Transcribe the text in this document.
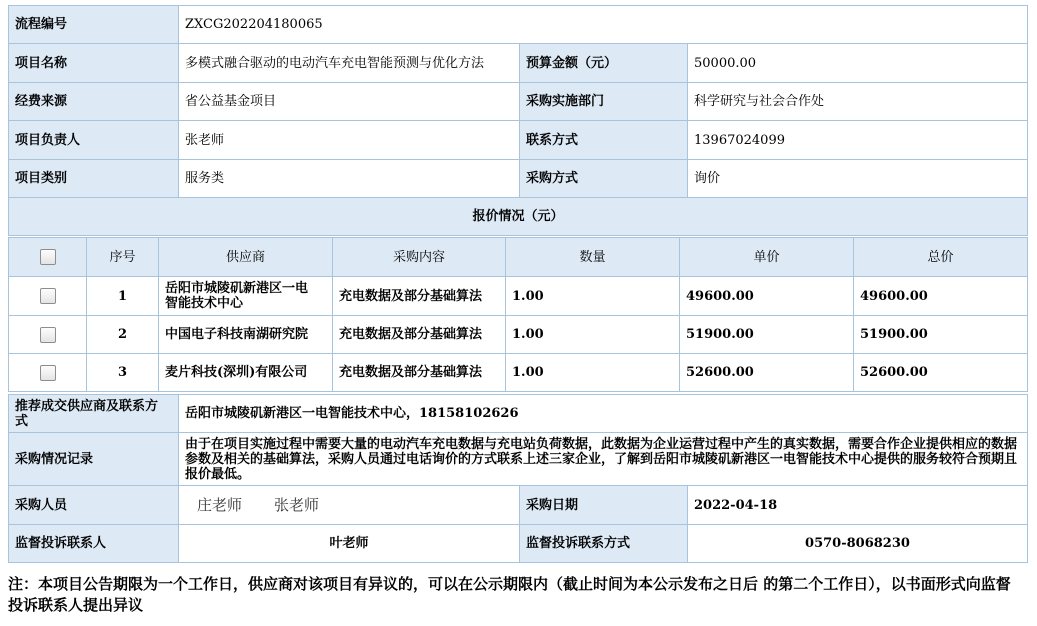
流程编号	ZXCG202204180065
项目名称	多模式融合驱动的电动汽车充电智能预测与优化方法	预算金额（元）	50000.00
经费来源	省公益基金项目	采购实施部门	科学研究与社会合作处
项目负责人	张老师	联系方式	13967024099
项目类别	服务类	采购方式	询价
报价情况（元）
序号	供应商	采购内容	数量	单价	总价
1	岳阳市城陵矶新港区一电智能技术中心	充电数据及部分基础算法	1.00	49600.00	49600.00
2	中国电子科技南湖研究院	充电数据及部分基础算法	1.00	51900.00	51900.00
3	麦片科技(深圳)有限公司	充电数据及部分基础算法	1.00	52600.00	52600.00
推荐成交供应商及联系方式	岳阳市城陵矶新港区一电智能技术中心，18158102626
采购情况记录
由于在项目实施过程中需要大量的电动汽车充电数据与充电站负荷数据，此数据为企业运营过程中产生的真实数据，需要合作企业提供相应的数据参数及相关的基础算法，采购人员通过电话询价的方式联系上述三家企业，了解到岳阳市城陵矶新港区一电智能技术中心提供的服务较符合预期且报价最低。
采购人员	庄老师 张老师	采购日期	2022-04-18
监督投诉联系人	叶老师	监督投诉联系方式	0570-8068230
注：本项目公告期限为一个工作日，供应商对该项目有异议的，可以在公示期限内（截止时间为本公示发布之日后 的第二个工作日），以书面形式向监督投诉联系人提出异议
